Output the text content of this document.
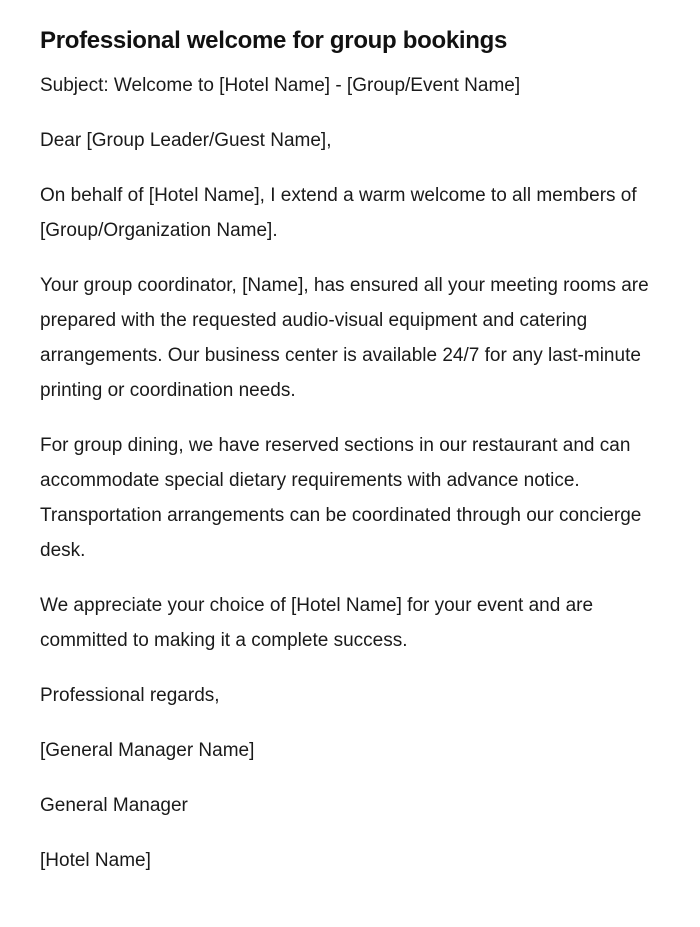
Professional welcome for group bookings

Subject: Welcome to [Hotel Name] - [Group/Event Name]

Dear [Group Leader/Guest Name],

On behalf of [Hotel Name], I extend a warm welcome to all members of [Group/Organization Name].

Your group coordinator, [Name], has ensured all your meeting rooms are prepared with the requested audio-visual equipment and catering arrangements. Our business center is available 24/7 for any last-minute printing or coordination needs.

For group dining, we have reserved sections in our restaurant and can accommodate special dietary requirements with advance notice. Transportation arrangements can be coordinated through our concierge desk.

We appreciate your choice of [Hotel Name] for your event and are committed to making it a complete success.

Professional regards,

[General Manager Name]

General Manager

[Hotel Name]
